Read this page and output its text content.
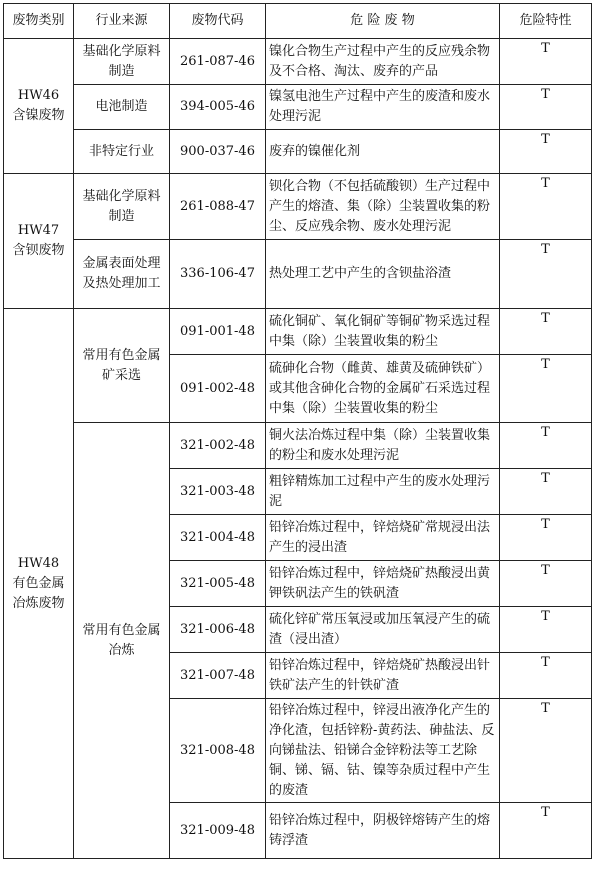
废物类别	行业来源	废物代码	危 险 废 物	危险特性

HW46
含镍废物	基础化学原料制造	261-087-46	镍化合物生产过程中产生的反应残余物及不合格、淘汰、废弃的产品	T
	电池制造	394-005-46	镍氢电池生产过程中产生的废渣和废水处理污泥	T
	非特定行业	900-037-46	废弃的镍催化剂	T

HW47
含钡废物	基础化学原料制造	261-088-47	钡化合物（不包括硫酸钡）生产过程中产生的熔渣、集（除）尘装置收集的粉尘、反应残余物、废水处理污泥	T
	金属表面处理及热处理加工	336-106-47	热处理工艺中产生的含钡盐浴渣	T

HW48
有色金属冶炼废物	常用有色金属矿采选	091-001-48	硫化铜矿、氧化铜矿等铜矿物采选过程中集（除）尘装置收集的粉尘	T
		091-002-48	硫砷化合物（雌黄、雄黄及硫砷铁矿）或其他含砷化合物的金属矿石采选过程中集（除）尘装置收集的粉尘	T
	常用有色金属冶炼	321-002-48	铜火法冶炼过程中集（除）尘装置收集的粉尘和废水处理污泥	T
		321-003-48	粗锌精炼加工过程中产生的废水处理污泥	T
		321-004-48	铅锌冶炼过程中，锌焙烧矿常规浸出法产生的浸出渣	T
		321-005-48	铅锌冶炼过程中，锌焙烧矿热酸浸出黄钾铁矾法产生的铁矾渣	T
		321-006-48	硫化锌矿常压氧浸或加压氧浸产生的硫渣（浸出渣）	T
		321-007-48	铅锌冶炼过程中，锌焙烧矿热酸浸出针铁矿法产生的针铁矿渣	T
		321-008-48	铅锌冶炼过程中，锌浸出液净化产生的净化渣，包括锌粉-黄药法、砷盐法、反向锑盐法、铅锑合金锌粉法等工艺除铜、锑、镉、钴、镍等杂质过程中产生的废渣	T
		321-009-48	铅锌冶炼过程中，阴极锌熔铸产生的熔铸浮渣	T
